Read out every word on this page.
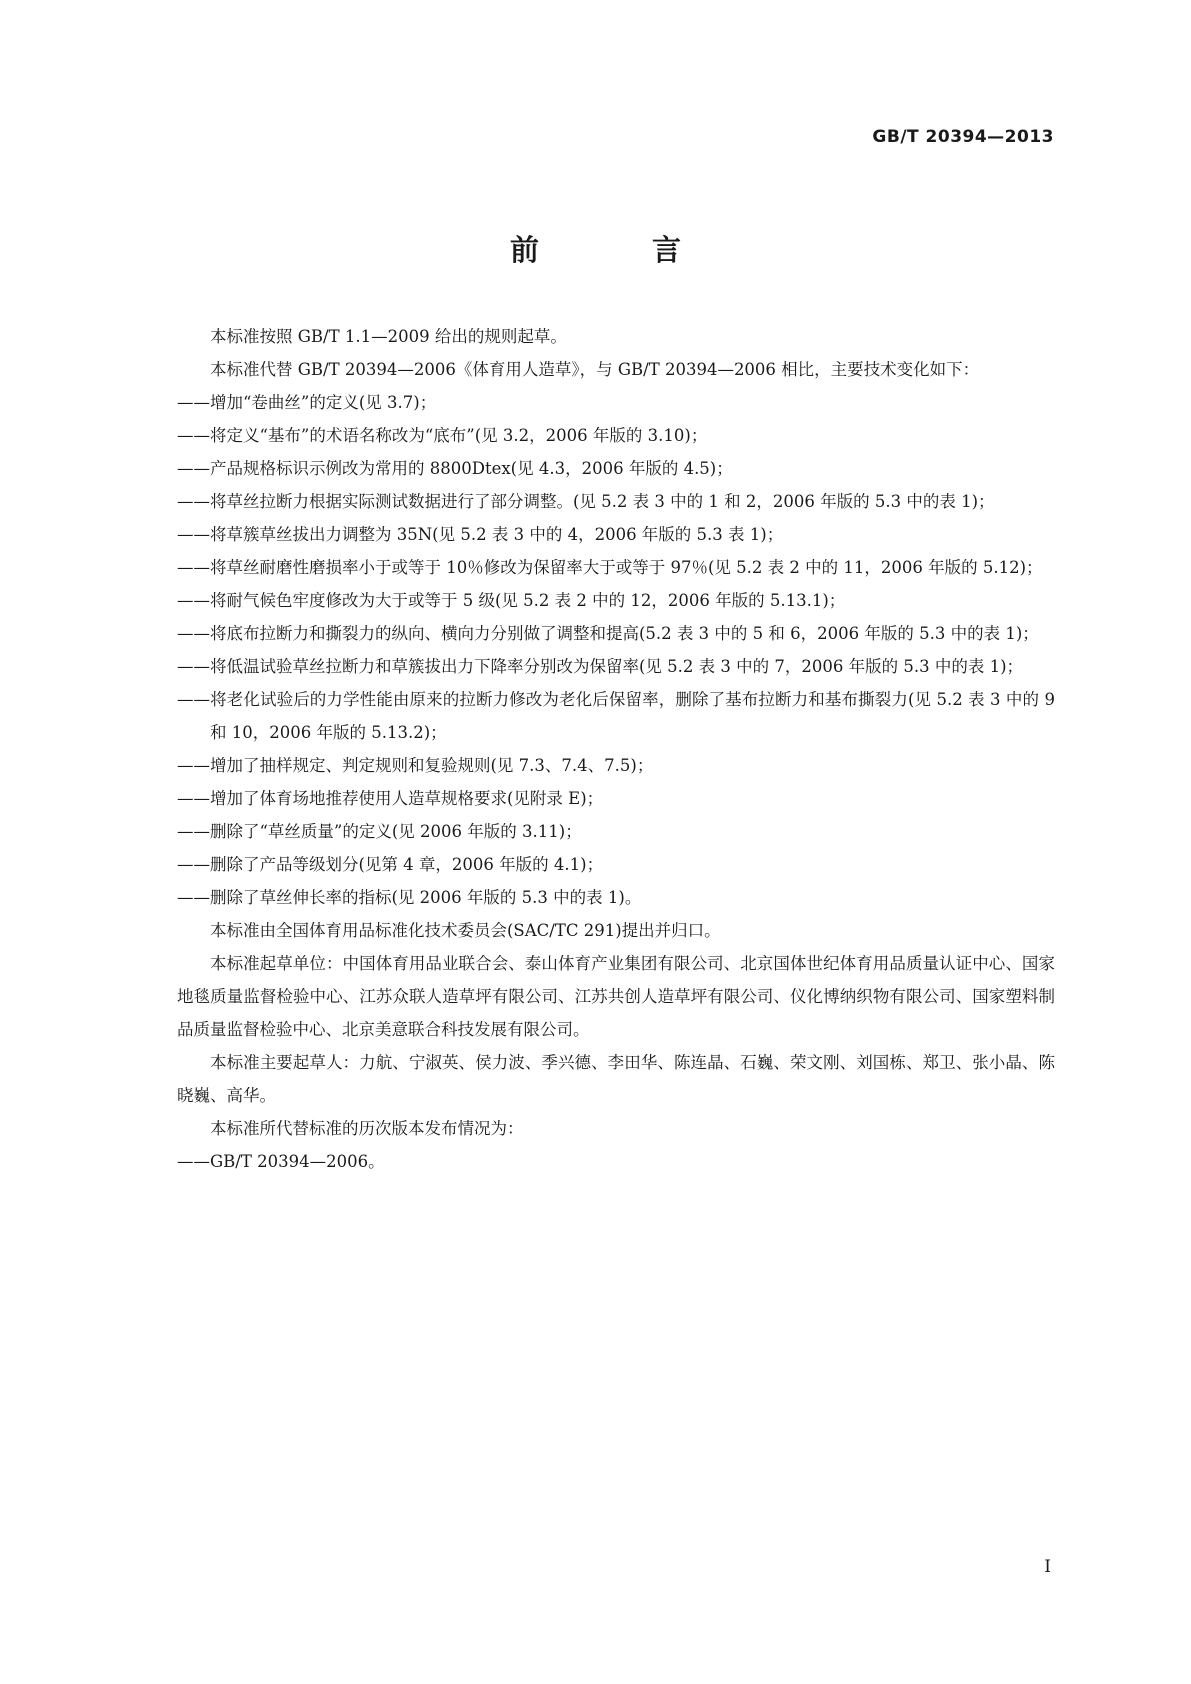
GB/T 20394—2013
前　言

本标准按照 GB/T 1.1—2009 给出的规则起草。

本标准代替 GB/T 20394—2006《体育用人造草》，与 GB/T 20394—2006 相比，主要技术变化如下：

——增加“卷曲丝”的定义(见 3.7)；

——将定义“基布”的术语名称改为“底布”(见 3.2，2006 年版的 3.10)；

——产品规格标识示例改为常用的 8800Dtex(见 4.3，2006 年版的 4.5)；

——将草丝拉断力根据实际测试数据进行了部分调整。(见 5.2 表 3 中的 1 和 2，2006 年版的 5.3 中的表 1)；

——将草簇草丝拔出力调整为 35N(见 5.2 表 3 中的 4，2006 年版的 5.3 表 1)；

——将草丝耐磨性磨损率小于或等于 10％修改为保留率大于或等于 97％(见 5.2 表 2 中的 11，2006 年版的 5.12)；

——将耐气候色牢度修改为大于或等于 5 级(见 5.2 表 2 中的 12，2006 年版的 5.13.1)；

——将底布拉断力和撕裂力的纵向、横向力分别做了调整和提高(5.2 表 3 中的 5 和 6，2006 年版的 5.3 中的表 1)；

——将低温试验草丝拉断力和草簇拔出力下降率分别改为保留率(见 5.2 表 3 中的 7，2006 年版的 5.3 中的表 1)；

——将老化试验后的力学性能由原来的拉断力修改为老化后保留率，删除了基布拉断力和基布撕裂力(见 5.2 表 3 中的 9 和 10，2006 年版的 5.13.2)；

——增加了抽样规定、判定规则和复验规则(见 7.3、7.4、7.5)；

——增加了体育场地推荐使用人造草规格要求(见附录 E)；

——删除了“草丝质量”的定义(见 2006 年版的 3.11)；

——删除了产品等级划分(见第 4 章，2006 年版的 4.1)；

——删除了草丝伸长率的指标(见 2006 年版的 5.3 中的表 1)。

本标准由全国体育用品标准化技术委员会(SAC/TC 291)提出并归口。

本标准起草单位：中国体育用品业联合会、泰山体育产业集团有限公司、北京国体世纪体育用品质量认证中心、国家地毯质量监督检验中心、江苏众联人造草坪有限公司、江苏共创人造草坪有限公司、仪化博纳织物有限公司、国家塑料制品质量监督检验中心、北京美意联合科技发展有限公司。

本标准主要起草人：力航、宁淑英、侯力波、季兴德、李田华、陈连晶、石巍、荣文刚、刘国栋、郑卫、张小晶、陈晓巍、高华。

本标准所代替标准的历次版本发布情况为：

——GB/T 20394—2006。

I
